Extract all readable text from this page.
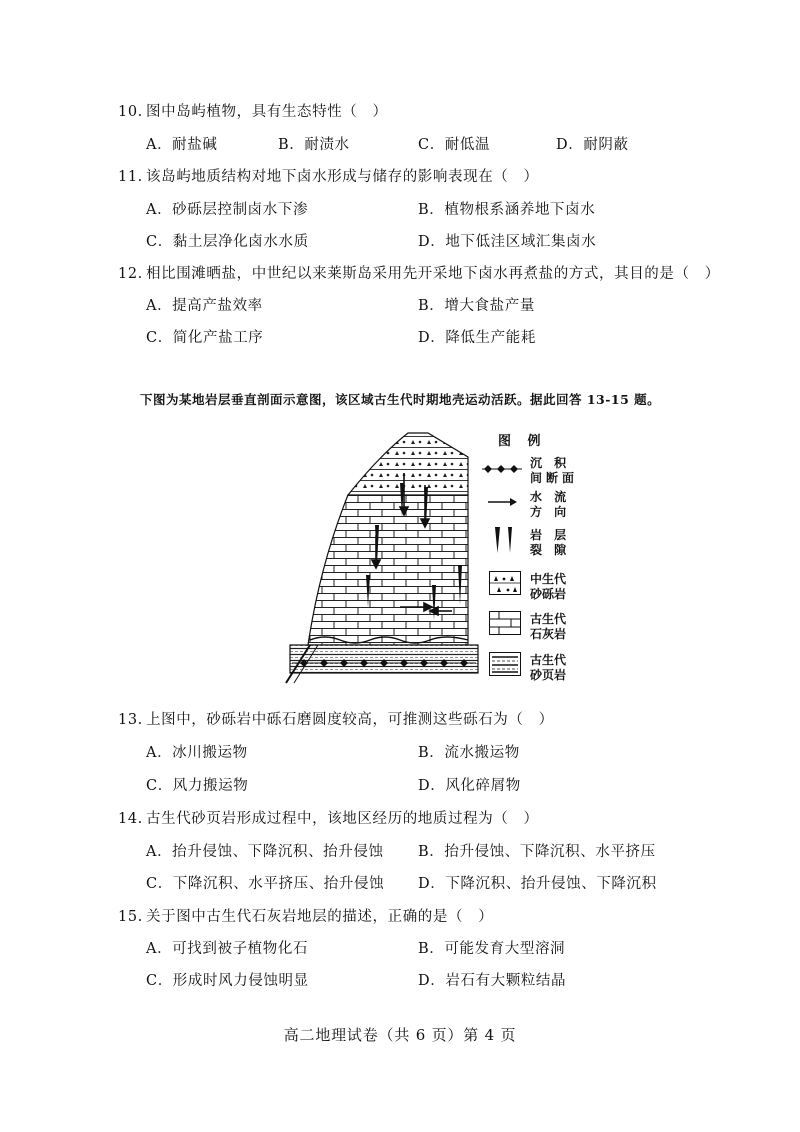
10. 图中岛屿植物，具有生态特性（　）
A．耐盐碱	B．耐渍水	C．耐低温	D．耐阴蔽
11. 该岛屿地质结构对地下卤水形成与储存的影响表现在（　）
A．砂砾层控制卤水下渗	B．植物根系涵养地下卤水
C．黏土层净化卤水水质	D．地下低洼区域汇集卤水
12. 相比围滩晒盐，中世纪以来莱斯岛采用先开采地下卤水再煮盐的方式，其目的是（　）
A．提高产盐效率	B．增大食盐产量
C．简化产盐工序	D．降低生产能耗
下图为某地岩层垂直剖面示意图，该区域古生代时期地壳运动活跃。据此回答 13-15 题。
图 例
沉 积
间断面
水 流
方 向
岩 层
裂 隙
中生代
砂砾岩
古生代
石灰岩
古生代
砂页岩
13. 上图中，砂砾岩中砾石磨圆度较高，可推测这些砾石为（　）
A．冰川搬运物	B．流水搬运物
C．风力搬运物	D．风化碎屑物
14. 古生代砂页岩形成过程中，该地区经历的地质过程为（　）
A．抬升侵蚀、下降沉积、抬升侵蚀 B．抬升侵蚀、下降沉积、水平挤压
C．下降沉积、水平挤压、抬升侵蚀 D．下降沉积、抬升侵蚀、下降沉积
15. 关于图中古生代石灰岩地层的描述，正确的是（　）
A．可找到被子植物化石	B．可能发育大型溶洞
C．形成时风力侵蚀明显	D．岩石有大颗粒结晶
高二地理试卷（共 6 页）第 4 页
